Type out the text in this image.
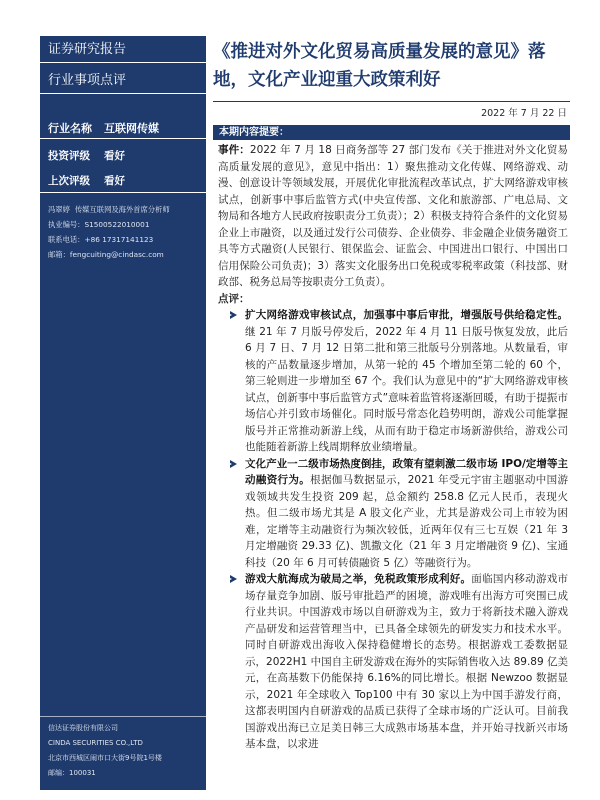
证券研究报告
行业事项点评
行业名称 互联网传媒
投资评级 看好
上次评级 看好
冯翠婷 传媒互联网及海外首席分析师
执业编号：S1500522010001
联系电话：+86 17317141123
邮箱：fengcuiting@cindasc.com
信达证券股份有限公司
CINDA SECURITIES CO.,LTD
北京市西城区闹市口大街9号院1号楼
邮编：100031
《推进对外文化贸易高质量发展的意见》落地，文化产业迎重大政策利好
2022 年 7 月 22 日
本期内容提要：

事件：2022 年 7 月 18 日商务部等 27 部门发布《关于推进对外文化贸易高质量发展的意见》，意见中指出：1）聚焦推动文化传媒、网络游戏、动漫、创意设计等领域发展，开展优化审批流程改革试点，扩大网络游戏审核试点，创新事中事后监管方式(中央宣传部、文化和旅游部、广电总局、文物局和各地方人民政府按职责分工负责）；2）积极支持符合条件的文化贸易企业上市融资，以及通过发行公司债券、企业债券、非金融企业债务融资工具等方式融资(人民银行、银保监会、证监会、中国进出口银行、中国出口信用保险公司负责)；3）落实文化服务出口免税或零税率政策（科技部、财政部、税务总局等按职责分工负责）。

点评：

扩大网络游戏审核试点，加强事中事后审批，增强版号供给稳定性。继 21 年 7 月版号停发后，2022 年 4 月 11 日版号恢复发放，此后 6 月 7 日、7 月 12 日第二批和第三批版号分别落地。从数量看，审核的产品数量逐步增加，从第一轮的 45 个增加至第二轮的 60 个，第三轮则进一步增加至 67 个。我们认为意见中的“扩大网络游戏审核试点，创新事中事后监管方式”意味着监管将逐渐回暖，有助于提振市场信心并引致市场催化。同时版号常态化趋势明朗，游戏公司能掌握版号并正常推动新游上线，从而有助于稳定市场新游供给，游戏公司也能随着新游上线周期释放业绩增量。

文化产业一二级市场热度倒挂，政策有望刺激二级市场 IPO/定增等主动融资行为。根据伽马数据显示，2021 年受元宇宙主题驱动中国游戏领域共发生投资 209 起，总金额约 258.8 亿元人民币，表现火热。但二级市场尤其是 A 股文化产业，尤其是游戏公司上市较为困难，定增等主动融资行为频次较低，近两年仅有三七互娱（21 年 3 月定增融资 29.33 亿)、凯撒文化（21 年 3 月定增融资 9 亿)、宝通科技（20 年 6 月可转债融资 5 亿）等融资行为。

游戏大航海成为破局之举，免税政策形成利好。面临国内移动游戏市场存量竞争加剧、版号审批趋严的困境，游戏唯有出海方可突围已成行业共识。中国游戏市场以自研游戏为主，致力于将新技术融入游戏产品研发和运营管理当中，已具备全球领先的研发实力和技术水平。同时自研游戏出海收入保持稳健增长的态势。根据游戏工委数据显示，2022H1 中国自主研发游戏在海外的实际销售收入达 89.89 亿美元，在高基数下仍能保持 6.16%的同比增长。根据 Newzoo 数据显示，2021 年全球收入 Top100 中有 30 家以上为中国手游发行商，这都表明国内自研游戏的品质已获得了全球市场的广泛认可。目前我国游戏出海已立足美日韩三大成熟市场基本盘，并开始寻找新兴市场基本盘，以求进
